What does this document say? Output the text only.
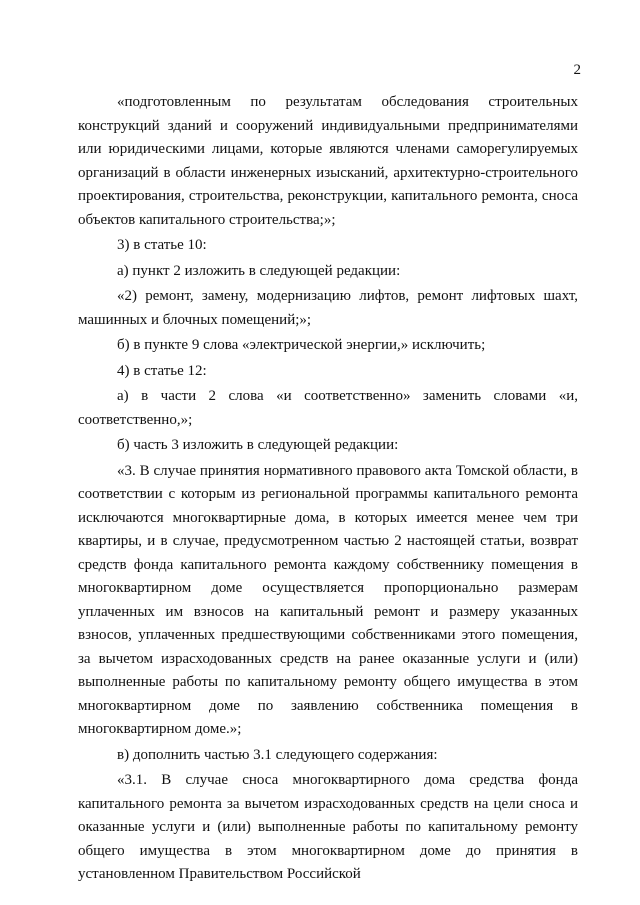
2

«подготовленным по результатам обследования строительных конструкций зданий и сооружений индивидуальными предпринимателями или юридическими лицами, которые являются членами саморегулируемых организаций в области инженерных изысканий, архитектурно-строительного проектирования, строительства, реконструкции, капитального ремонта, сноса объектов капитального строительства;»;

3) в статье 10:

а) пункт 2 изложить в следующей редакции:

«2) ремонт, замену, модернизацию лифтов, ремонт лифтовых шахт, машинных и блочных помещений;»;

б) в пункте 9 слова «электрической энергии,» исключить;

4) в статье 12:

а) в части 2 слова «и соответственно» заменить словами «и, соответственно,»;

б) часть 3 изложить в следующей редакции:

«3. В случае принятия нормативного правового акта Томской области, в соответствии с которым из региональной программы капитального ремонта исключаются многоквартирные дома, в которых имеется менее чем три квартиры, и в случае, предусмотренном частью 2 настоящей статьи, возврат средств фонда капитального ремонта каждому собственнику помещения в многоквартирном доме осуществляется пропорционально размерам уплаченных им взносов на капитальный ремонт и размеру указанных взносов, уплаченных предшествующими собственниками этого помещения, за вычетом израсходованных средств на ранее оказанные услуги и (или) выполненные работы по капитальному ремонту общего имущества в этом многоквартирном доме по заявлению собственника помещения в многоквартирном доме.»;

в) дополнить частью 3.1 следующего содержания:

«3.1. В случае сноса многоквартирного дома средства фонда капитального ремонта за вычетом израсходованных средств на цели сноса и оказанные услуги и (или) выполненные работы по капитальному ремонту общего имущества в этом многоквартирном доме до принятия в установленном Правительством Российской
